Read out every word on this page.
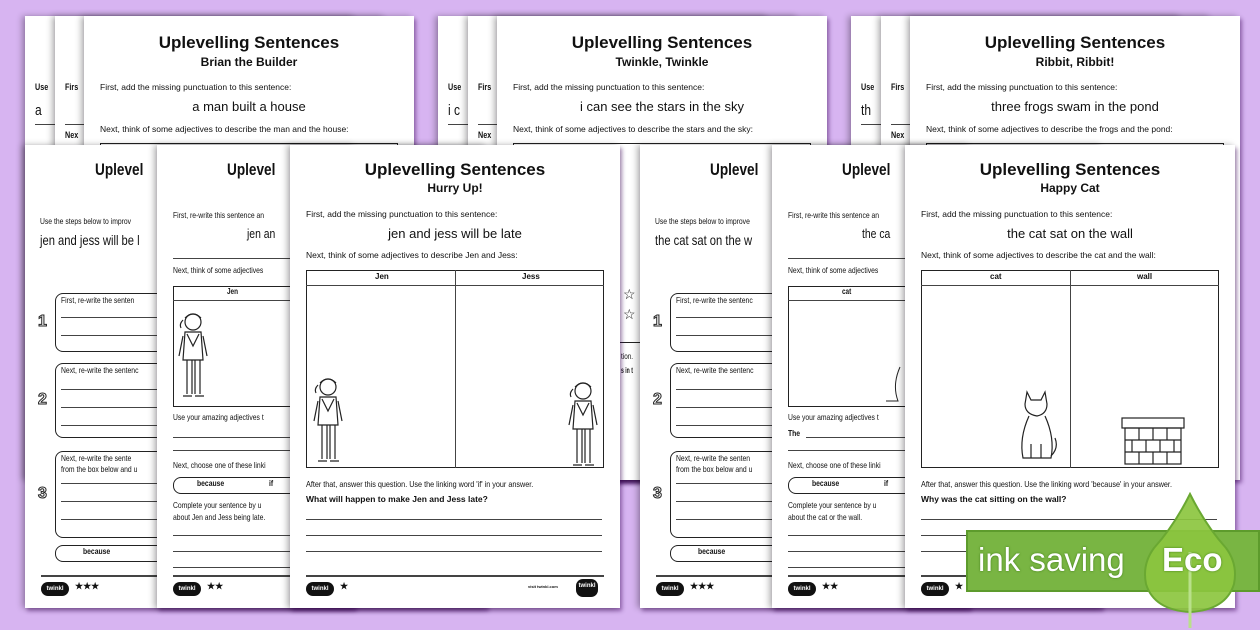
Use
a
Firs
Nex
Uplevelling Sentences
Brian the Builder
First, add the missing punctuation to this sentence:
a man built a house
Next, think of some adjectives to describe the man and the house:
Use
i c
Firs
Nex
Uplevelling Sentences
Twinkle, Twinkle
First, add the missing punctuation to this sentence:
i can see the stars in the sky
Next, think of some adjectives to describe the stars and the sky:
tion.
s in t
☆
☆
Use
th
Firs
Nex
Uplevelling Sentences
Ribbit, Ribbit!
First, add the missing punctuation to this sentence:
three frogs swam in the pond
Next, think of some adjectives to describe the frogs and the pond:
Uplevel
Use the steps below to improv
jen and jess will be l
1
2
3
First, re-write the senten
Next, re-write the sentenc
Next, re-write the sente
from the box below and u
because
twinkl	★★★
Uplevel
First, re-write this sentence an
jen an
Next, think of some adjectives
Jen
Use your amazing adjectives t
Next, choose one of these linki
because	if
Complete your sentence by u
about Jen and Jess being late.
twinkl	★★
Uplevelling Sentences
Hurry Up!
First, add the missing punctuation to this sentence:
jen and jess will be late
Next, think of some adjectives to describe Jen and Jess:
Jen	Jess
After that, answer this question. Use the linking word 'if' in your answer.
What will happen to make Jen and Jess late?
twinkl	★	visit twinkl.com	twinkl
Uplevel
Use the steps below to improve
the cat sat on the w
1
2
3
First, re-write the sentenc
Next, re-write the sentenc
Next, re-write the senten
from the box below and u
because
twinkl	★★★
Uplevel
First, re-write this sentence an
the ca
Next, think of some adjectives
cat
Use your amazing adjectives t
The
Next, choose one of these linki
because	if
Complete your sentence by u
about the cat or the wall.
twinkl	★★
Uplevelling Sentences
Happy Cat
First, add the missing punctuation to this sentence:
the cat sat on the wall
Next, think of some adjectives to describe the cat and the wall:
cat	wall
After that, answer this question. Use the linking word 'because' in your answer.
Why was the cat sitting on the wall?
twinkl	★
ink saving Eco
